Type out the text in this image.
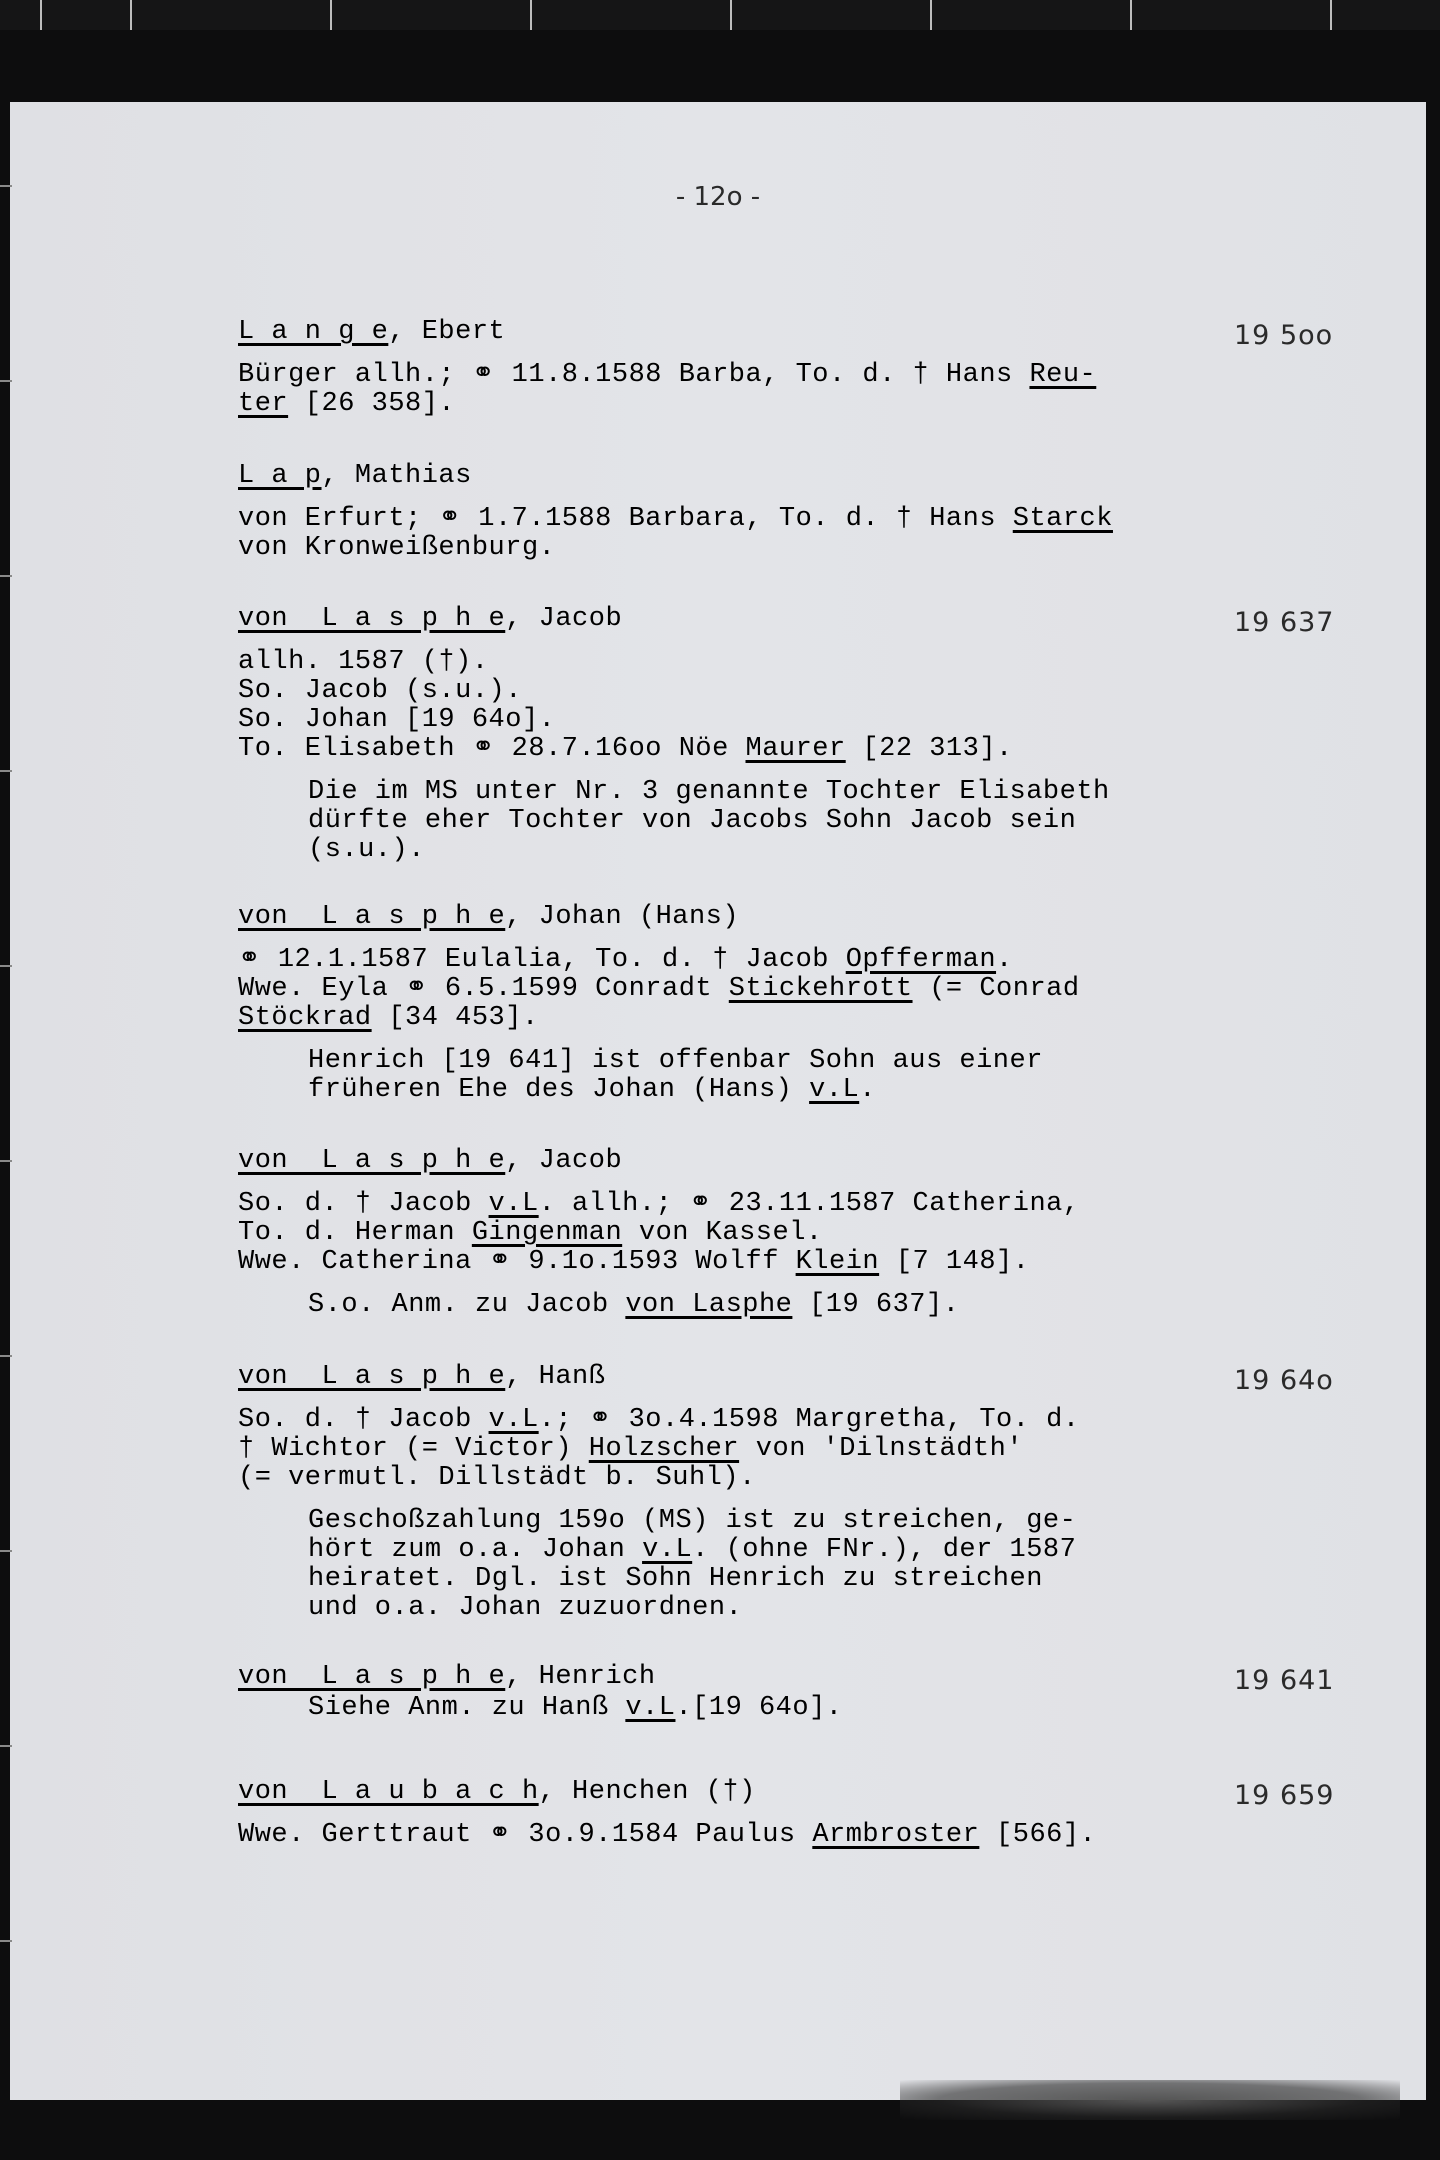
- 12o -
L a n g e, Ebert
Bürger allh.; ⚭ 11.8.1588 Barba, To. d. † Hans Reu-
ter [26 358].
19 5oo
L a p, Mathias
von Erfurt; ⚭ 1.7.1588 Barbara, To. d. † Hans Starck
von Kronweißenburg.
von  L a s p h e, Jacob
allh. 1587 (†).
So. Jacob (s.u.).
So. Johan [19 64o].
To. Elisabeth ⚭ 28.7.16oo Nöe Maurer [22 313].
Die im MS unter Nr. 3 genannte Tochter Elisabeth
dürfte eher Tochter von Jacobs Sohn Jacob sein
(s.u.).
19 637
von  L a s p h e, Johan (Hans)
⚭ 12.1.1587 Eulalia, To. d. † Jacob Opfferman.
Wwe. Eyla ⚭ 6.5.1599 Conradt Stickehrott (= Conrad
Stöckrad [34 453].
Henrich [19 641] ist offenbar Sohn aus einer
früheren Ehe des Johan (Hans) v.L.
von  L a s p h e, Jacob
So. d. † Jacob v.L. allh.; ⚭ 23.11.1587 Catherina,
To. d. Herman Gingenman von Kassel.
Wwe. Catherina ⚭ 9.1o.1593 Wolff Klein [7 148].
S.o. Anm. zu Jacob von Lasphe [19 637].
von  L a s p h e, Hanß
So. d. † Jacob v.L.; ⚭ 3o.4.1598 Margretha, To. d.
† Wichtor (= Victor) Holzscher von 'Dilnstädth'
(= vermutl. Dillstädt b. Suhl).
Geschoßzahlung 159o (MS) ist zu streichen, ge-
hört zum o.a. Johan v.L. (ohne FNr.), der 1587
heiratet. Dgl. ist Sohn Henrich zu streichen
und o.a. Johan zuzuordnen.
19 64o
von  L a s p h e, Henrich
Siehe Anm. zu Hanß v.L.[19 64o].
19 641
von  L a u b a c h, Henchen (†)
Wwe. Gerttraut ⚭ 3o.9.1584 Paulus Armbroster [566].
19 659
